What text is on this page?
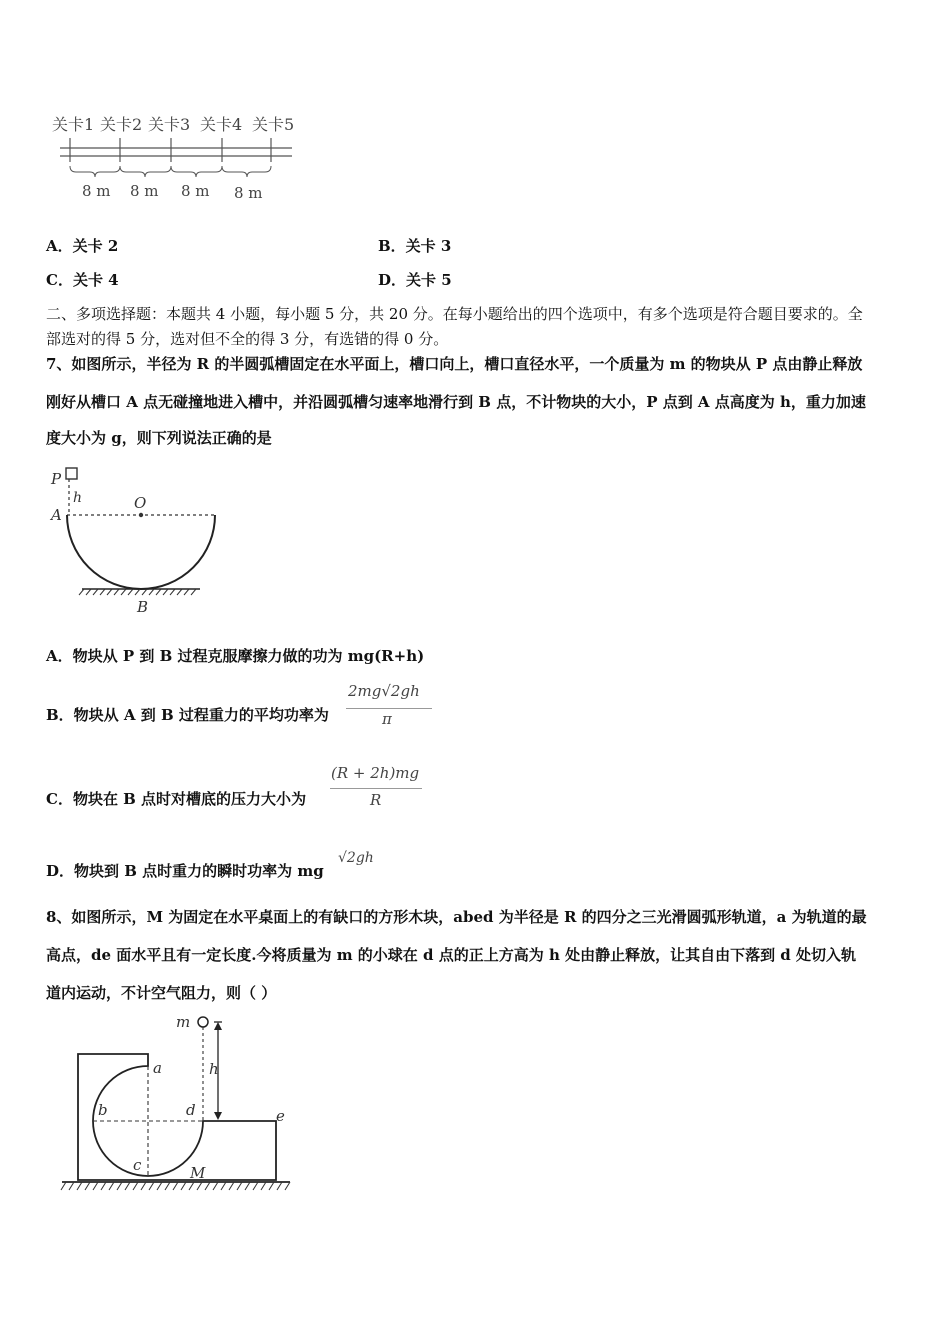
关卡1 关卡2 关卡3 关卡4 关卡5
8 m 8 m 8 m 8 m
A．关卡 2	B．关卡 3
C．关卡 4	D．关卡 5
二、多项选择题：本题共 4 小题，每小题 5 分，共 20 分。在每小题给出的四个选项中，有多个选项是符合题目要求的。全
部选对的得 5 分，选对但不全的得 3 分，有选错的得 0 分。
7、如图所示，半径为 R 的半圆弧槽固定在水平面上，槽口向上，槽口直径水平，一个质量为 m 的物块从 P 点由静止释放
刚好从槽口 A 点无碰撞地进入槽中，并沿圆弧槽匀速率地滑行到 B 点，不计物块的大小，P 点到 A 点高度为 h，重力加速
度大小为 g，则下列说法正确的是
P
h	O
A
B
A．物块从 P 到 B 过程克服摩擦力做的功为 mg(R+h)
B．物块从 A 到 B 过程重力的平均功率为
2mg√2gh
π
C．物块在 B 点时对槽底的压力大小为
(R + 2h)mg
R
D．物块到 B 点时重力的瞬时功率为 mg
√2gh
8、如图所示，M 为固定在水平桌面上的有缺口的方形木块，abed 为半径是 R 的四分之三光滑圆弧形轨道，a 为轨道的最
高点，de 面水平且有一定长度.今将质量为 m 的小球在 d 点的正上方高为 h 处由静止释放，让其自由下落到 d 处切入轨
道内运动，不计空气阻力，则（ ）
m
h
a
b
c
d	e
M
